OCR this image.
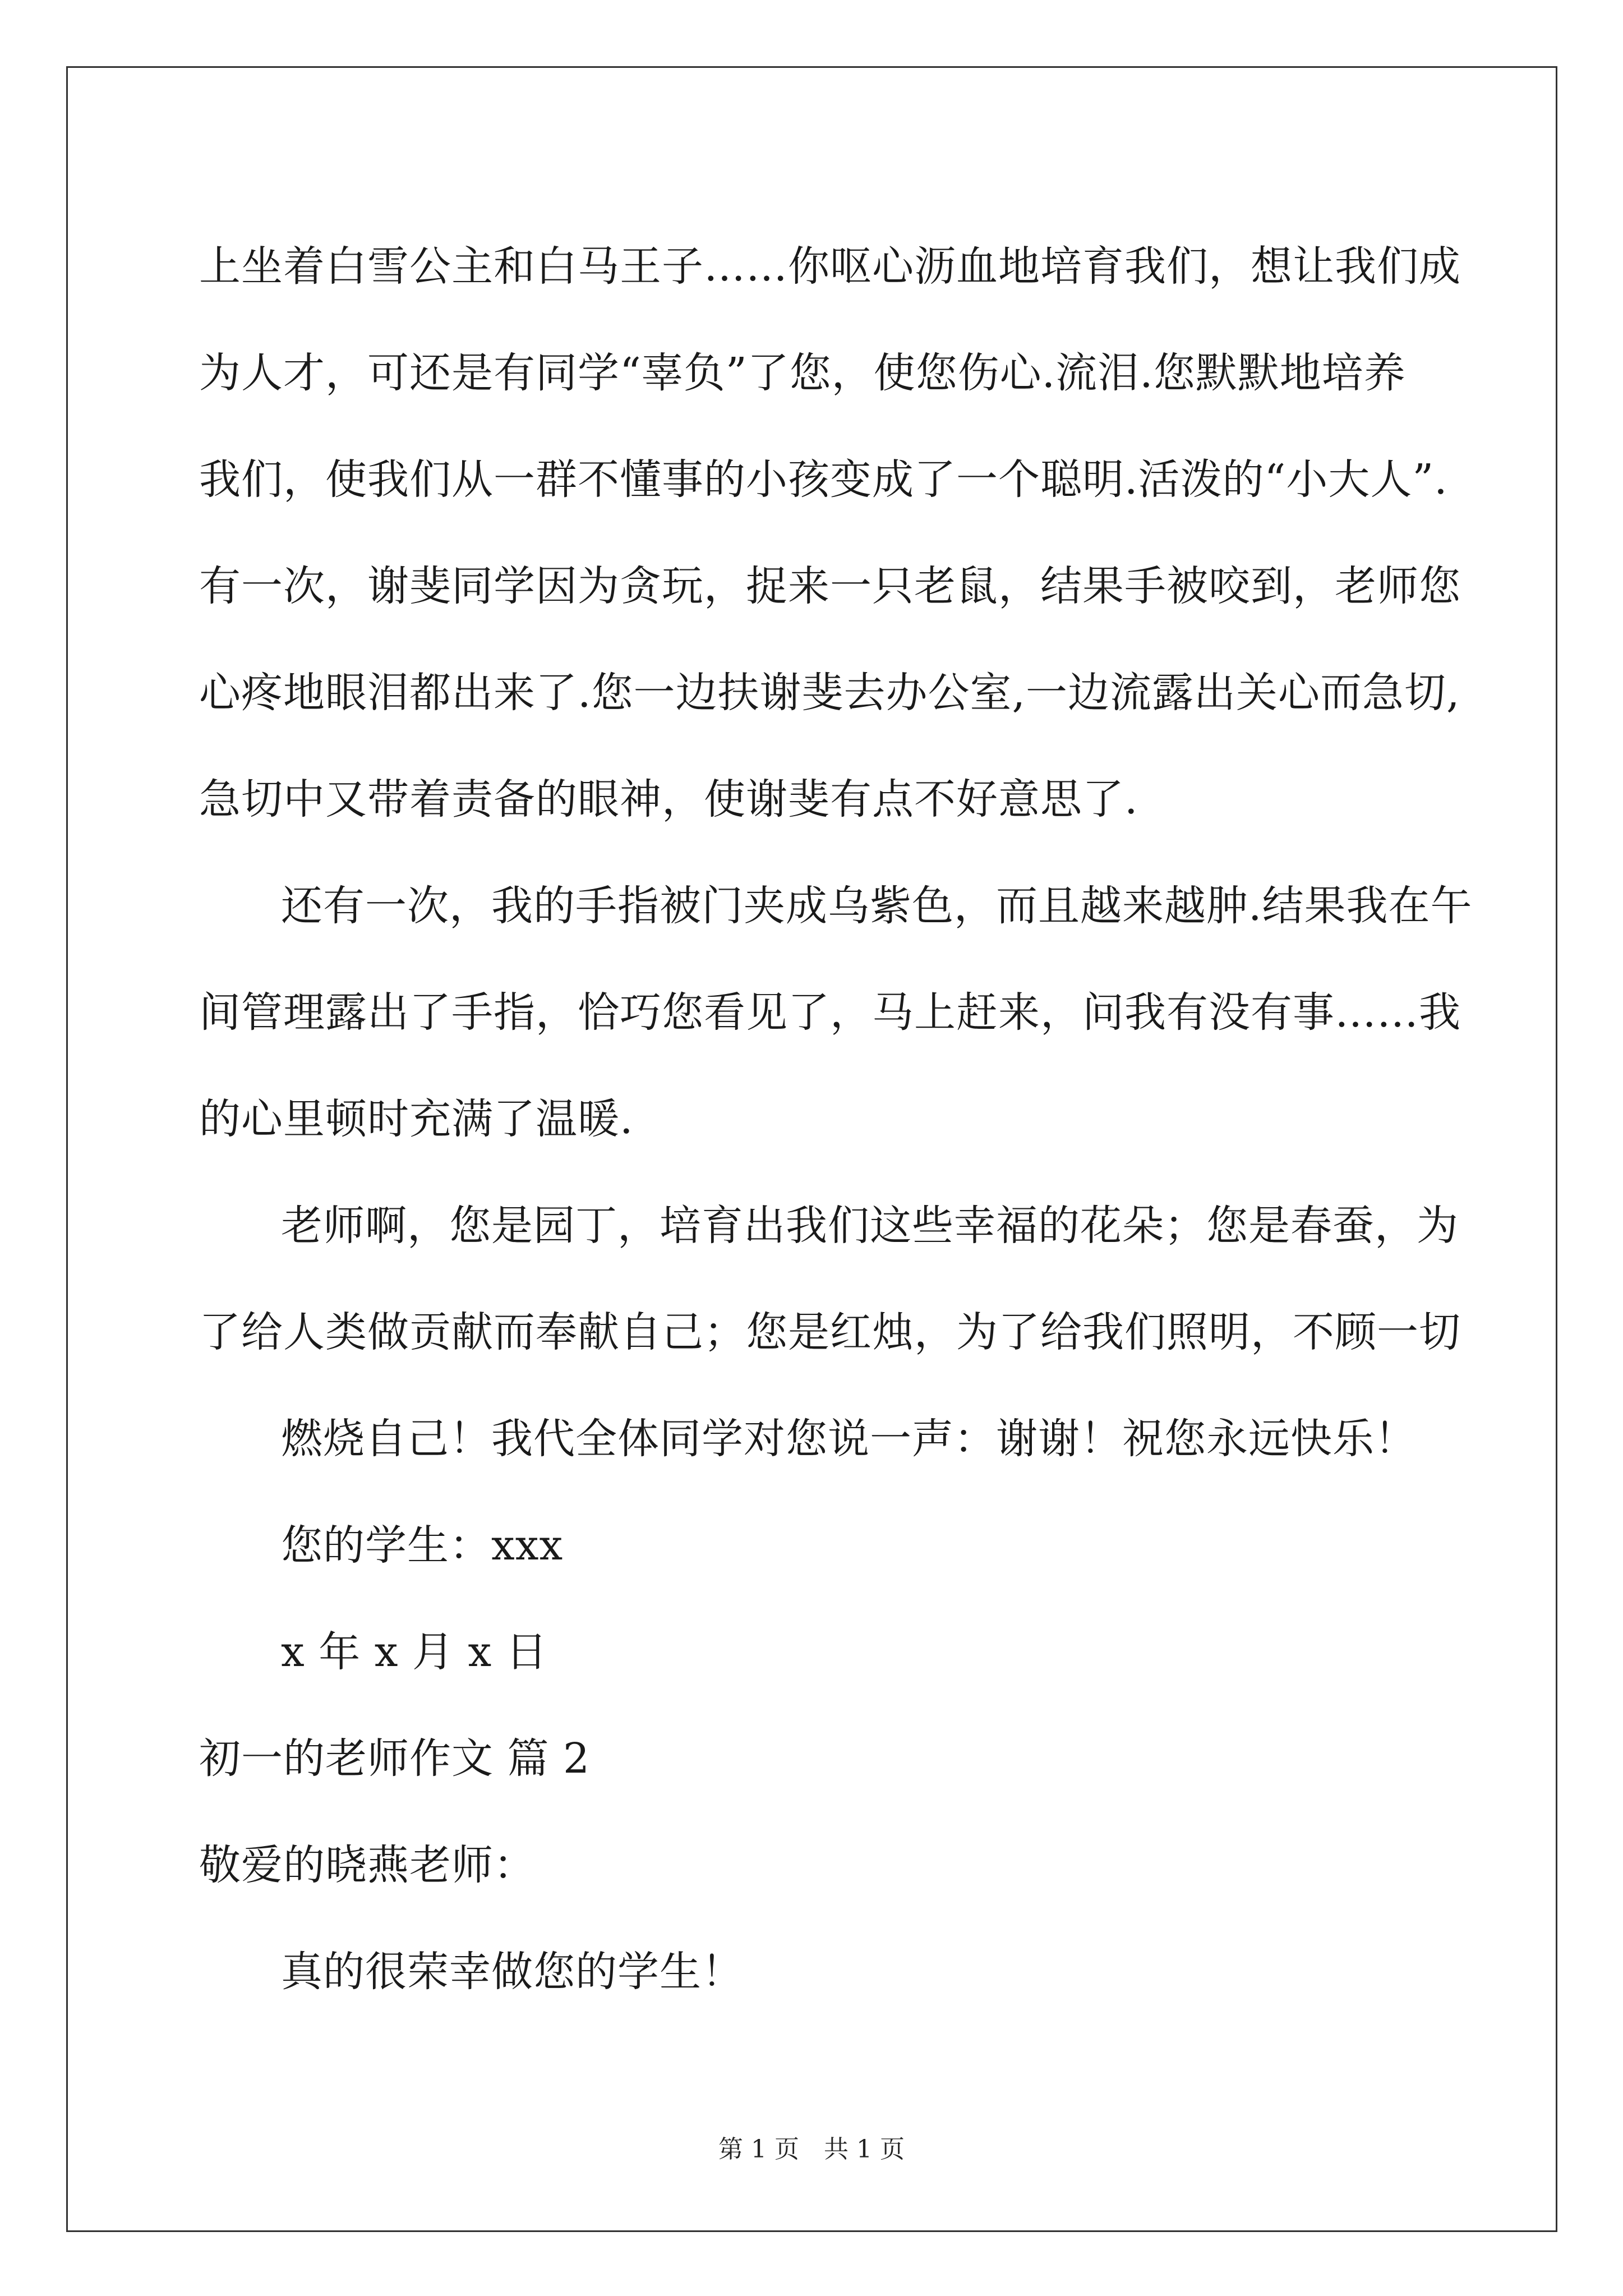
上坐着白雪公主和白马王子……你呕心沥血地培育我们，想让我们成
为人才，可还是有同学“辜负”了您，使您伤心.流泪.您默默地培养
我们，使我们从一群不懂事的小孩变成了一个聪明.活泼的“小大人”.
有一次，谢斐同学因为贪玩，捉来一只老鼠，结果手被咬到，老师您
心疼地眼泪都出来了.您一边扶谢斐去办公室,一边流露出关心而急切,
急切中又带着责备的眼神，使谢斐有点不好意思了.
还有一次，我的手指被门夹成乌紫色，而且越来越肿.结果我在午
间管理露出了手指，恰巧您看见了，马上赶来，问我有没有事……我
的心里顿时充满了温暖.
老师啊，您是园丁，培育出我们这些幸福的花朵；您是春蚕，为
了给人类做贡献而奉献自己；您是红烛，为了给我们照明，不顾一切
燃烧自己！我代全体同学对您说一声：谢谢！祝您永远快乐！
您的学生：xxx
x 年 x 月 x 日
初一的老师作文 篇 2
敬爱的晓燕老师：
真的很荣幸做您的学生！
第 1 页　共 1 页
